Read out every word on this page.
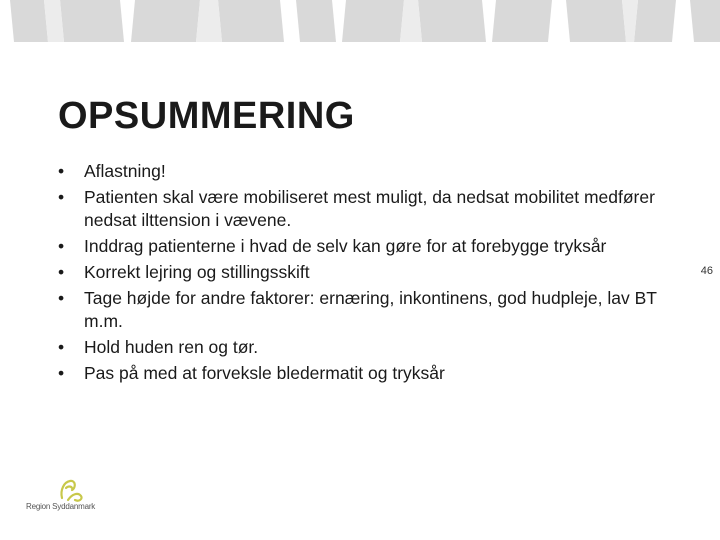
OPSUMMERING
• Aflastning!
• Patienten skal være mobiliseret mest muligt, da nedsat mobilitet medfører nedsat ilttension i vævene.
• Inddrag patienterne i hvad de selv kan gøre for at forebygge tryksår
• Korrekt lejring og stillingsskift
• Tage højde for andre faktorer: ernæring, inkontinens, god hudpleje, lav BT m.m.
• Hold huden ren og tør.
• Pas på med at forveksle bledermatit og tryksår
46
Region Syddanmark
